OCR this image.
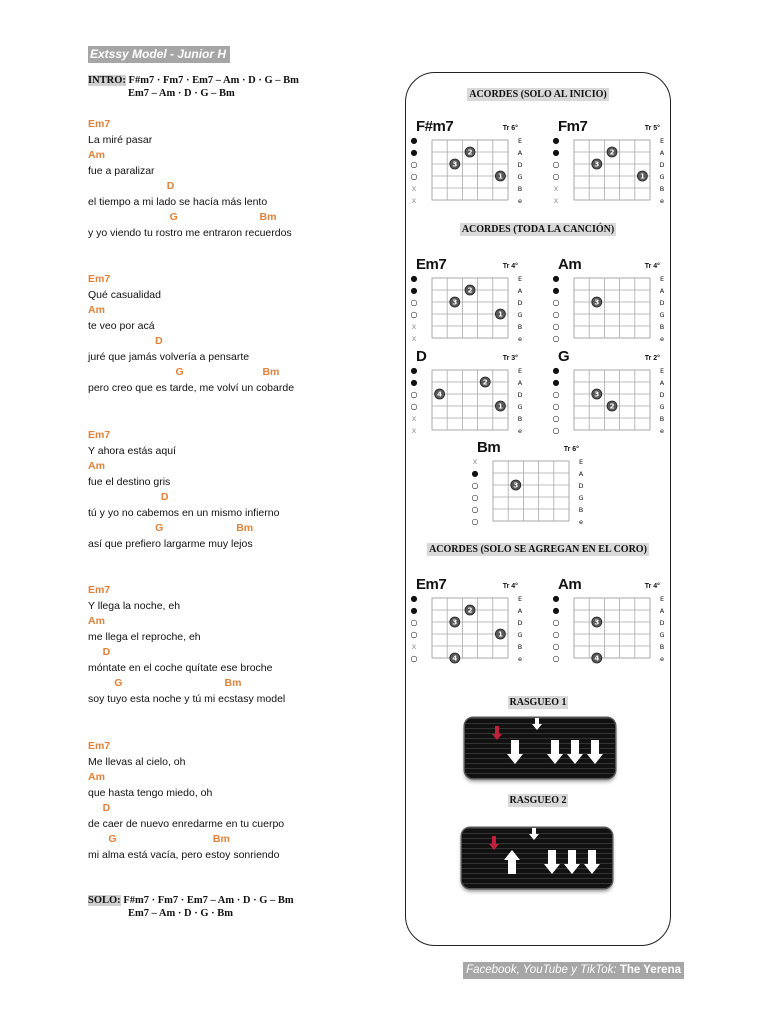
Extssy Model - Junior H
INTRO: F#m7 · Fm7 · Em7 – Am · D · G – Bm
Em7 – Am · D · G – Bm
Em7
La miré pasar
Am
fue a paralizar
D
el tiempo a mi lado se hacía más lento
G                            Bm
y yo viendo tu rostro me entraron recuerdos
Em7
Qué casualidad
Am
te veo por acá
D
juré que jamás volvería a pensarte
G                           Bm
pero creo que es tarde, me volví un cobarde
Em7
Y ahora estás aquí
Am
fue el destino gris
D
tú y yo no cabemos en un mismo infierno
G                         Bm
así que prefiero largarme muy lejos
Em7
Y llega la noche, eh
Am
me llega el reproche, eh
D
móntate en el coche quítate ese broche
G                                   Bm
soy tuyo esta noche y tú mi ecstasy model
Em7
Me llevas al cielo, oh
Am
que hasta tengo miedo, oh
D
de caer de nuevo enredarme en tu cuerpo
G                                 Bm
mi alma está vacía, pero estoy sonriendo
SOLO: F#m7 · Fm7 · Em7 – Am · D · G – Bm
Em7 – Am · D · G · Bm
ACORDES (SOLO AL INICIO)
ACORDES (TODA LA CANCIÓN)
ACORDES (SOLO SE AGREGAN EN EL CORO)
RASGUEO 1
RASGUEO 2
F#m7	Tr 6°
●
●
○
○
x
x
E
A
D
G
B
e
2
3
1
Fm7	Tr 5°
●
●
○
○
x
x
E
A
D
G
B
e
2
3
1
Em7	Tr 4°
●
●
○
○
x
x
E
A
D
G
B
e
2
3
1
Am	Tr 4°
●
●
○
○
○
○
E
A
D
G
B
e
3
D	Tr 3°
●
●
○
○
x
x
E
A
D
G
B
e
2
4
1
G	Tr 2°
●
●
○
○
○
○
E
A
D
G
B
e
3
2
Bm	Tr 6°
x
●
○
○
○
○
E
A
D
G
B
e
3
Em7	Tr 4°
●
●
○
○
x
○
E
A
D
G
B
e
2
3
1
4
Am	Tr 4°
●
●
○
○
○
○
E
A
D
G
B
e
3
4
Facebook, YouTube y TikTok: The Yerena
